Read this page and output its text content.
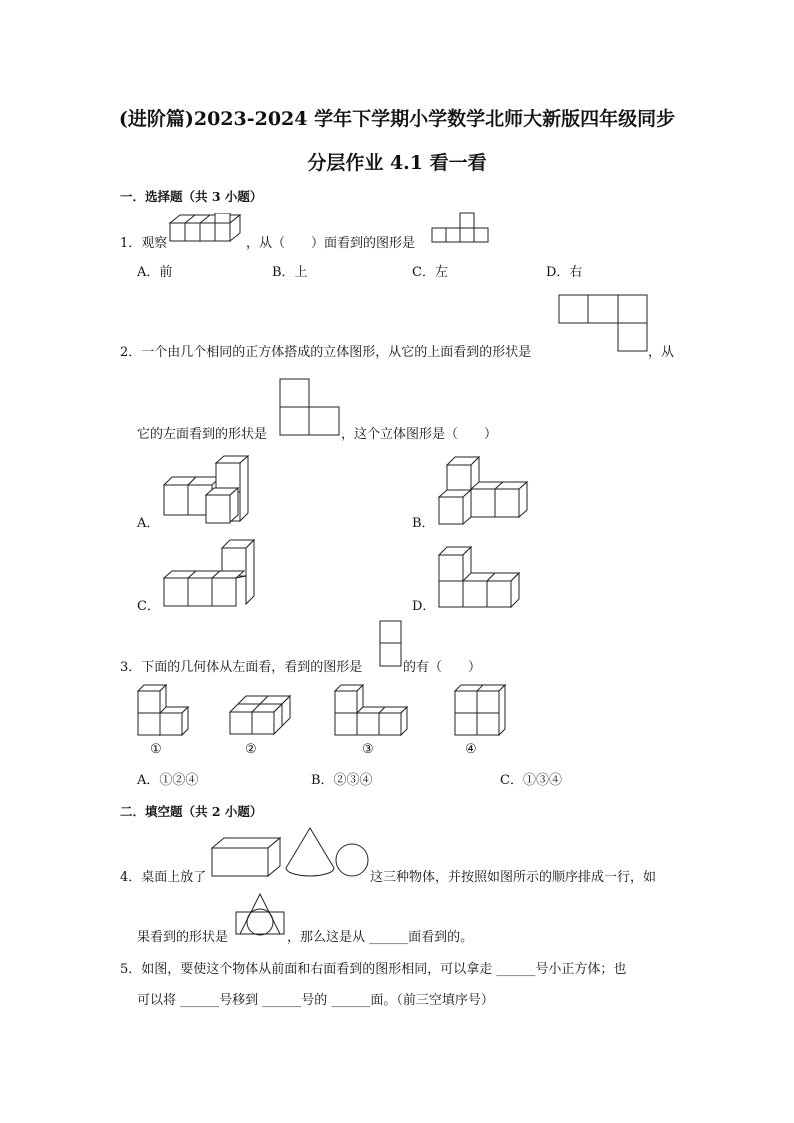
(进阶篇)2023-2024 学年下学期小学数学北师大新版四年级同步
分层作业 4.1 看一看
一．选择题（共 3 小题）
1．观察	，从（　　）面看到的图形是
A．前	B．上	C．左	D．右
2．一个由几个相同的正方体搭成的立体图形，从它的上面看到的形状是	，从
它的左面看到的形状是	，这个立体图形是（　　）
A．	B．
C．	D．
3．下面的几何体从左面看，看到的图形是	的有（　　）
①	②	③	④
A．①②④	B．②③④	C．①③④
二．填空题（共 2 小题）
4．桌面上放了	这三种物体，并按照如图所示的顺序排成一行，如
果看到的形状是	，那么这是从 ______面看到的。
5．如图，要使这个物体从前面和右面看到的图形相同，可以拿走 ______号小正方体；也
可以将 ______号移到 ______号的 ______面。（前三空填序号）
